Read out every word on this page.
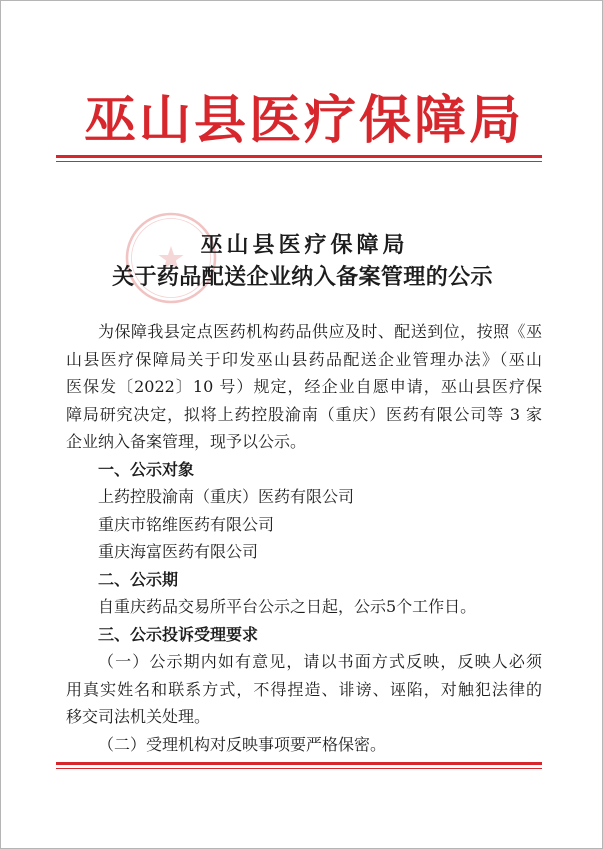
巫山县医疗保障局
巫山县医疗保障局
关于药品配送企业纳入备案管理的公示
为保障我县定点医药机构药品供应及时、配送到位，按照《巫
山县医疗保障局关于印发巫山县药品配送企业管理办法》（巫山
医保发〔2022〕10 号）规定，经企业自愿申请，巫山县医疗保
障局研究决定，拟将上药控股渝南（重庆）医药有限公司等 3 家
企业纳入备案管理，现予以公示。
一、公示对象
上药控股渝南（重庆）医药有限公司
重庆市铭维医药有限公司
重庆海富医药有限公司
二、公示期
自重庆药品交易所平台公示之日起，公示5个工作日。
三、公示投诉受理要求
（一）公示期内如有意见，请以书面方式反映，反映人必须
用真实姓名和联系方式，不得捏造、诽谤、诬陷，对触犯法律的
移交司法机关处理。
（二）受理机构对反映事项要严格保密。
